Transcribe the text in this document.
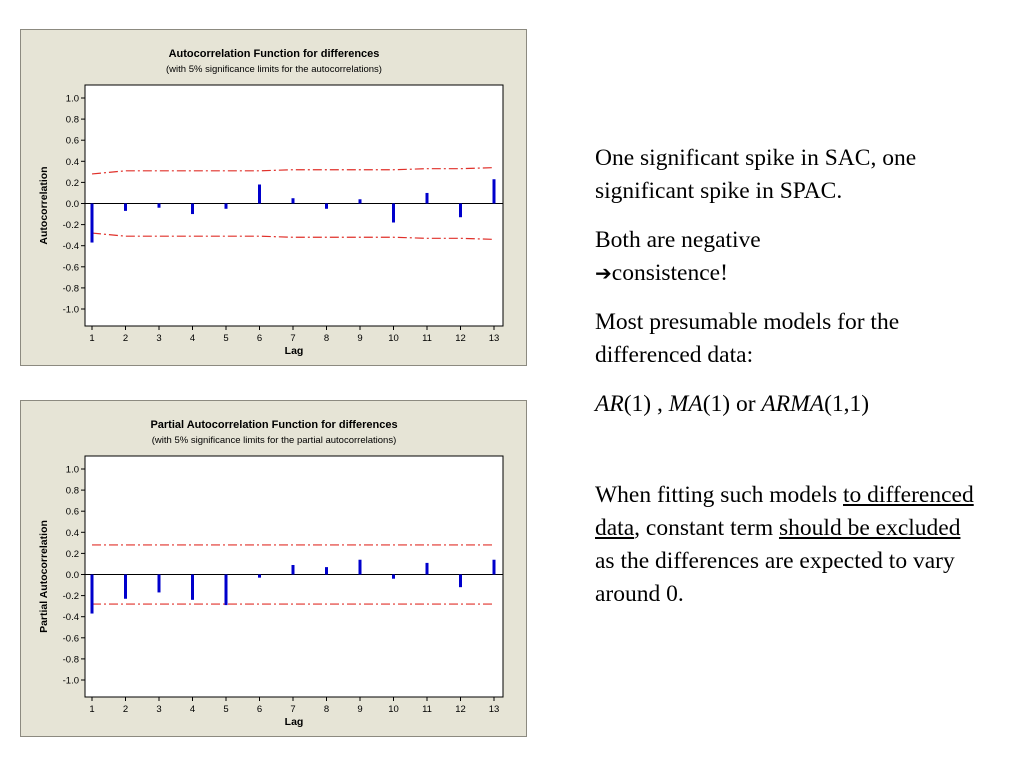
Autocorrelation Function for differences
(with 5% significance limits for the autocorrelations)
1.0
0.8
0.6
0.4
0.2
0.0
-0.2
-0.4
-0.6
-0.8
-1.0
1	2	3	4	5	6	7	8	9	10 11 12 13
Lag
Autocorrelation
Partial Autocorrelation Function for differences
(with 5% significance limits for the partial autocorrelations)
1.0
0.8
0.6
0.4
0.2
0.0
-0.2
-0.4
-0.6
-0.8
-1.0
1	2	3	4	5	6	7	8	9	10 11 12 13
Lag
Partial Autocorrelation

One significant spike in SAC, one significant spike in SPAC.

Both are negative
➔consistence!

Most presumable models for the differenced data:

AR(1) , MA(1) or ARMA(1,1)

When fitting such models to differenced data, constant term should be excluded as the differences are expected to vary around 0.
